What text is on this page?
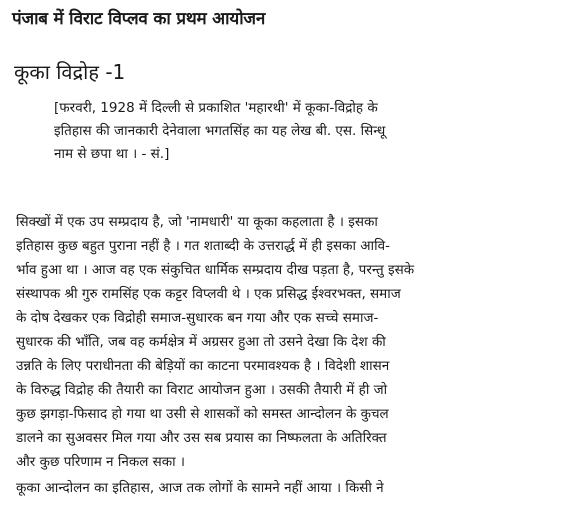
पंजाब में विराट विप्लव का प्रथम आयोजन
कूका विद्रोह -1
[फरवरी, 1928 में दिल्ली से प्रकाशित 'महारथी' में कूका-विद्रोह के
इतिहास की जानकारी देनेवाला भगतसिंह का यह लेख बी. एस. सिन्धू
नाम से छपा था । - सं.]
सिक्खों में एक उप सम्प्रदाय है, जो 'नामधारी' या कूका कहलाता है । इसका
इतिहास कुछ बहुत पुराना नहीं है । गत शताब्दी के उत्तरार्द्ध में ही इसका आवि-
र्भाव हुआ था । आज वह एक संकुचित धार्मिक सम्प्रदाय दीख पड़ता है, परन्तु इसके
संस्थापक श्री गुरु रामसिंह एक कट्टर विप्लवी थे । एक प्रसिद्ध ईश्वरभक्त, समाज
के दोष देखकर एक विद्रोही समाज-सुधारक बन गया और एक सच्चे समाज-
सुधारक की भाँति, जब वह कर्मक्षेत्र में अग्रसर हुआ तो उसने देखा कि देश की
उन्नति के लिए पराधीनता की बेड़ियों का काटना परमावश्यक है । विदेशी शासन
के विरुद्ध विद्रोह की तैयारी का विराट आयोजन हुआ । उसकी तैयारी में ही जो
कुछ झगड़ा-फिसाद हो गया था उसी से शासकों को समस्त आन्दोलन के कुचल
डालने का सुअवसर मिल गया और उस सब प्रयास का निष्फलता के अतिरिक्त
और कुछ परिणाम न निकल सका ।
कूका आन्दोलन का इतिहास, आज तक लोगों के सामने नहीं आया । किसी ने
